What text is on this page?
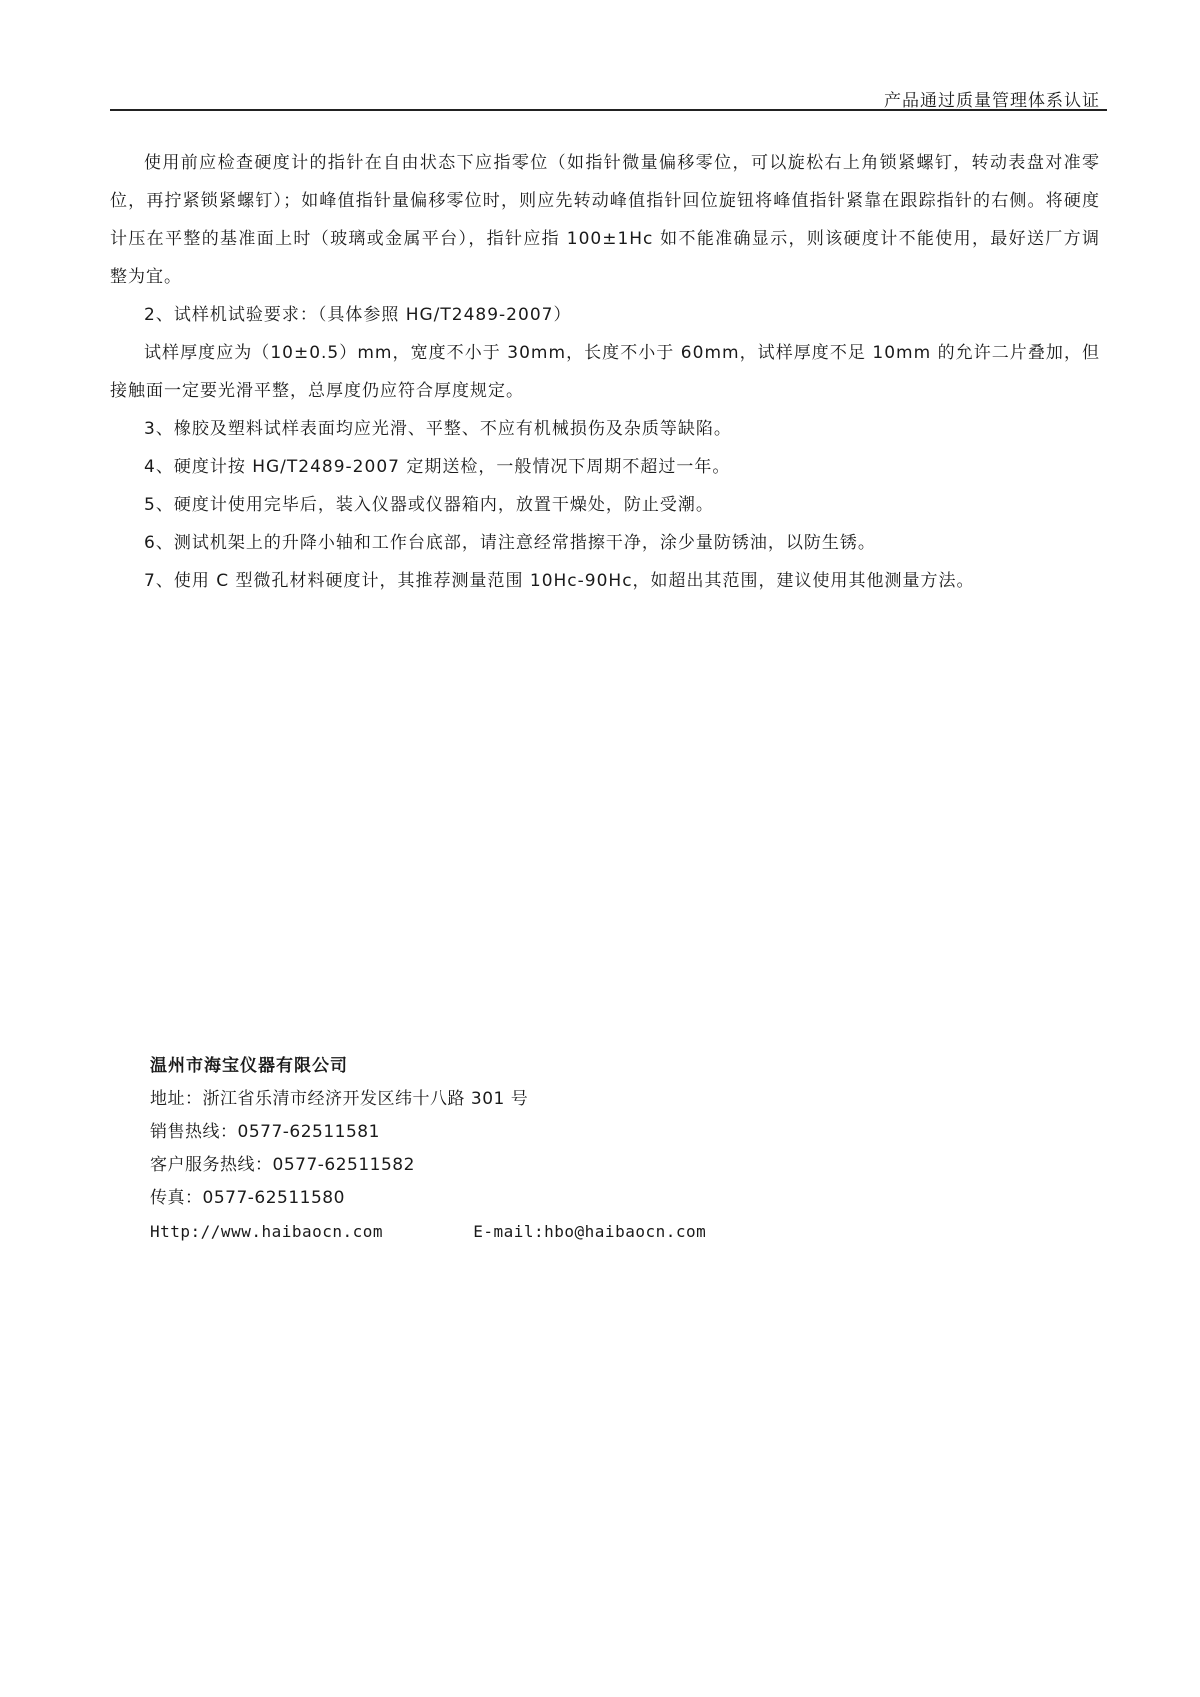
产品通过质量管理体系认证

使用前应检查硬度计的指针在自由状态下应指零位（如指针微量偏移零位，可以旋松右上角锁紧螺钉，转动表盘对准零位，再拧紧锁紧螺钉）；如峰值指针量偏移零位时，则应先转动峰值指针回位旋钮将峰值指针紧靠在跟踪指针的右侧。将硬度计压在平整的基准面上时（玻璃或金属平台），指针应指 100±1Hc 如不能准确显示，则该硬度计不能使用，最好送厂方调整为宜。

2、试样机试验要求：（具体参照 HG/T2489-2007）

试样厚度应为（10±0.5）mm，宽度不小于 30mm，长度不小于 60mm，试样厚度不足 10mm 的允许二片叠加，但接触面一定要光滑平整，总厚度仍应符合厚度规定。

3、橡胶及塑料试样表面均应光滑、平整、不应有机械损伤及杂质等缺陷。

4、硬度计按 HG/T2489-2007 定期送检，一般情况下周期不超过一年。

5、硬度计使用完毕后，装入仪器或仪器箱内，放置干燥处，防止受潮。

6、测试机架上的升降小轴和工作台底部，请注意经常揩擦干净，涂少量防锈油，以防生锈。

7、使用 C 型微孔材料硬度计，其推荐测量范围 10Hc-90Hc，如超出其范围，建议使用其他测量方法。

温州市海宝仪器有限公司
地址：浙江省乐清市经济开发区纬十八路 301 号
销售热线：0577-62511581
客户服务热线：0577-62511582
传真：0577-62511580
Http://www.haibaocn.com	E-mail:hbo@haibaocn.com
